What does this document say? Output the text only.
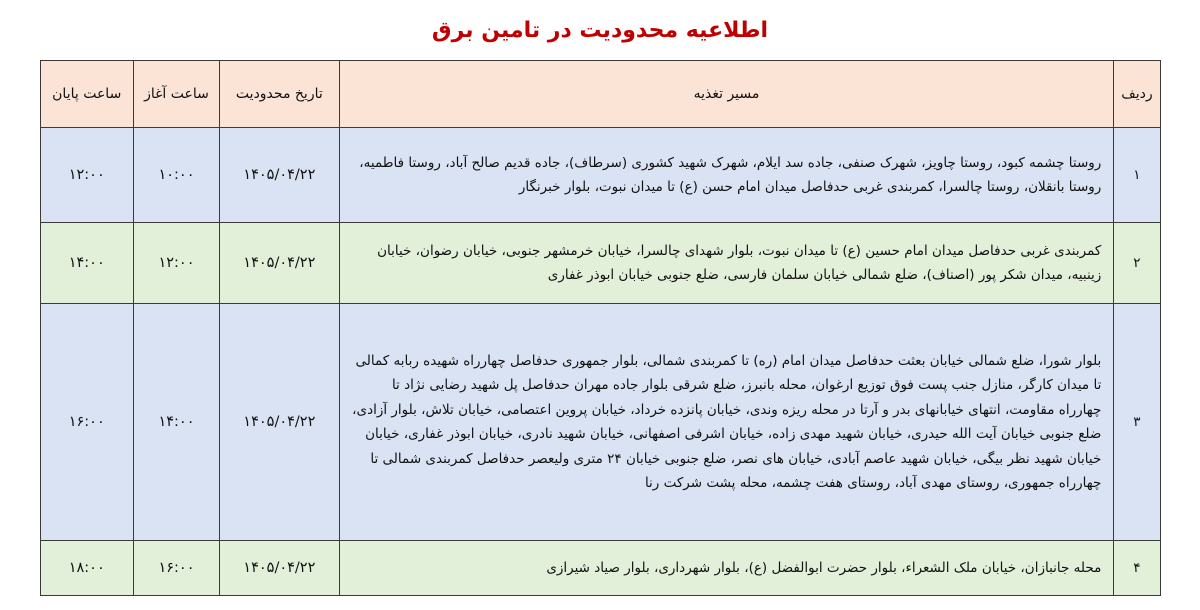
اطلاعیه محدودیت در تامین برق
ردیف	مسیر تغذیه	تاریخ محدودیت	ساعت آغاز	ساعت پایان
۱	روستا چشمه کبود، روستا چاویز، شهرک صنفی، جاده سد ایلام، شهرک شهید کشوری (سرطاف)، جاده قدیم صالح آباد، روستا فاطمیه، روستا بانقلان، روستا چالسرا، کمربندی غربی حدفاصل میدان امام حسن (ع) تا میدان نبوت، بلوار خبرنگار	۱۴۰۵/۰۴/۲۲	۱۰:۰۰	۱۲:۰۰
۲	کمربندی غربی حدفاصل میدان امام حسین (ع) تا میدان نبوت، بلوار شهدای چالسرا، خیابان خرمشهر جنوبی، خیابان رضوان، خیابان زینبیه، میدان شکر پور (اصناف)، ضلع شمالی خیابان سلمان فارسی، ضلع جنوبی خیابان ابوذر غفاری	۱۴۰۵/۰۴/۲۲	۱۲:۰۰	۱۴:۰۰
۳	بلوار شورا، ضلع شمالی خیابان بعثت حدفاصل میدان امام (ره) تا کمربندی شمالی، بلوار جمهوری حدفاصل چهارراه شهیده ربابه کمالی تا میدان کارگر، منازل جنب پست فوق توزیع ارغوان، محله بانبرز، ضلع شرقی بلوار جاده مهران حدفاصل پل شهید رضایی نژاد تا چهارراه مقاومت، انتهای خیابانهای بدر و آرتا در محله ریزه وندی، خیابان پانزده خرداد، خیابان پروین اعتصامی، خیابان تلاش، بلوار آزادی، ضلع جنوبی خیابان آیت الله حیدری، خیابان شهید مهدی زاده، خیابان اشرفی اصفهانی، خیابان شهید نادری، خیابان ابوذر غفاری، خیابان خیابان شهید نظر بیگی، خیابان شهید عاصم آبادی، خیابان های نصر، ضلع جنوبی خیابان ۲۴ متری ولیعصر حدفاصل کمربندی شمالی تا چهارراه جمهوری، روستای مهدی آباد، روستای هفت چشمه، محله پشت شرکت رنا	۱۴۰۵/۰۴/۲۲	۱۴:۰۰	۱۶:۰۰
۴	محله جانبازان، خیابان ملک الشعراء، بلوار حضرت ابوالفضل (ع)، بلوار شهرداری، بلوار صیاد شیرازی	۱۴۰۵/۰۴/۲۲	۱۶:۰۰	۱۸:۰۰
